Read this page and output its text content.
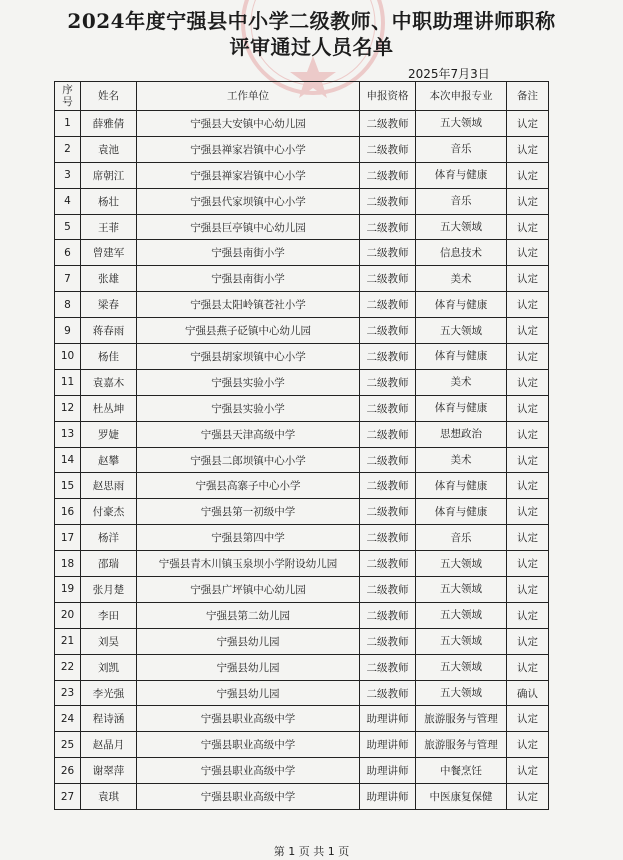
2024年度宁强县中小学二级教师、中职助理讲师职称
评审通过人员名单
2025年7月3日
序
号	姓名	工作单位	申报资格	本次申报专业	备注
1	薛雅倩	宁强县大安镇中心幼儿园	二级教师	五大领域	认定
2	袁池	宁强县禅家岩镇中心小学	二级教师	音乐	认定
3	席朝江	宁强县禅家岩镇中心小学	二级教师	体育与健康	认定
4	杨壮	宁强县代家坝镇中心小学	二级教师	音乐	认定
5	王菲	宁强县巨亭镇中心幼儿园	二级教师	五大领域	认定
6	曾建军	宁强县南街小学	二级教师	信息技术	认定
7	张雄	宁强县南街小学	二级教师	美术	认定
8	梁春	宁强县太阳岭镇苍社小学	二级教师	体育与健康	认定
9	蒋春雨	宁强县燕子砭镇中心幼儿园	二级教师	五大领域	认定
10	杨佳	宁强县胡家坝镇中心小学	二级教师	体育与健康	认定
11	袁嘉木	宁强县实验小学	二级教师	美术	认定
12	杜丛坤	宁强县实验小学	二级教师	体育与健康	认定
13	罗婕	宁强县天津高级中学	二级教师	思想政治	认定
14	赵攀	宁强县二郎坝镇中心小学	二级教师	美术	认定
15	赵思雨	宁强县高寨子中心小学	二级教师	体育与健康	认定
16	付豪杰	宁强县第一初级中学	二级教师	体育与健康	认定
17	杨洋	宁强县第四中学	二级教师	音乐	认定
18	邵瑞	宁强县青木川镇玉泉坝小学附设幼儿园	二级教师	五大领域	认定
19	张月楚	宁强县广坪镇中心幼儿园	二级教师	五大领域	认定
20	李田	宁强县第二幼儿园	二级教师	五大领域	认定
21	刘昊	宁强县幼儿园	二级教师	五大领域	认定
22	刘凯	宁强县幼儿园	二级教师	五大领域	认定
23	李光强	宁强县幼儿园	二级教师	五大领域	确认
24	程诗涵	宁强县职业高级中学	助理讲师	旅游服务与管理	认定
25	赵晶月	宁强县职业高级中学	助理讲师	旅游服务与管理	认定
26	谢翠萍	宁强县职业高级中学	助理讲师	中餐烹饪	认定
27	袁琪	宁强县职业高级中学	助理讲师	中医康复保健	认定
第 1 页 共 1 页
